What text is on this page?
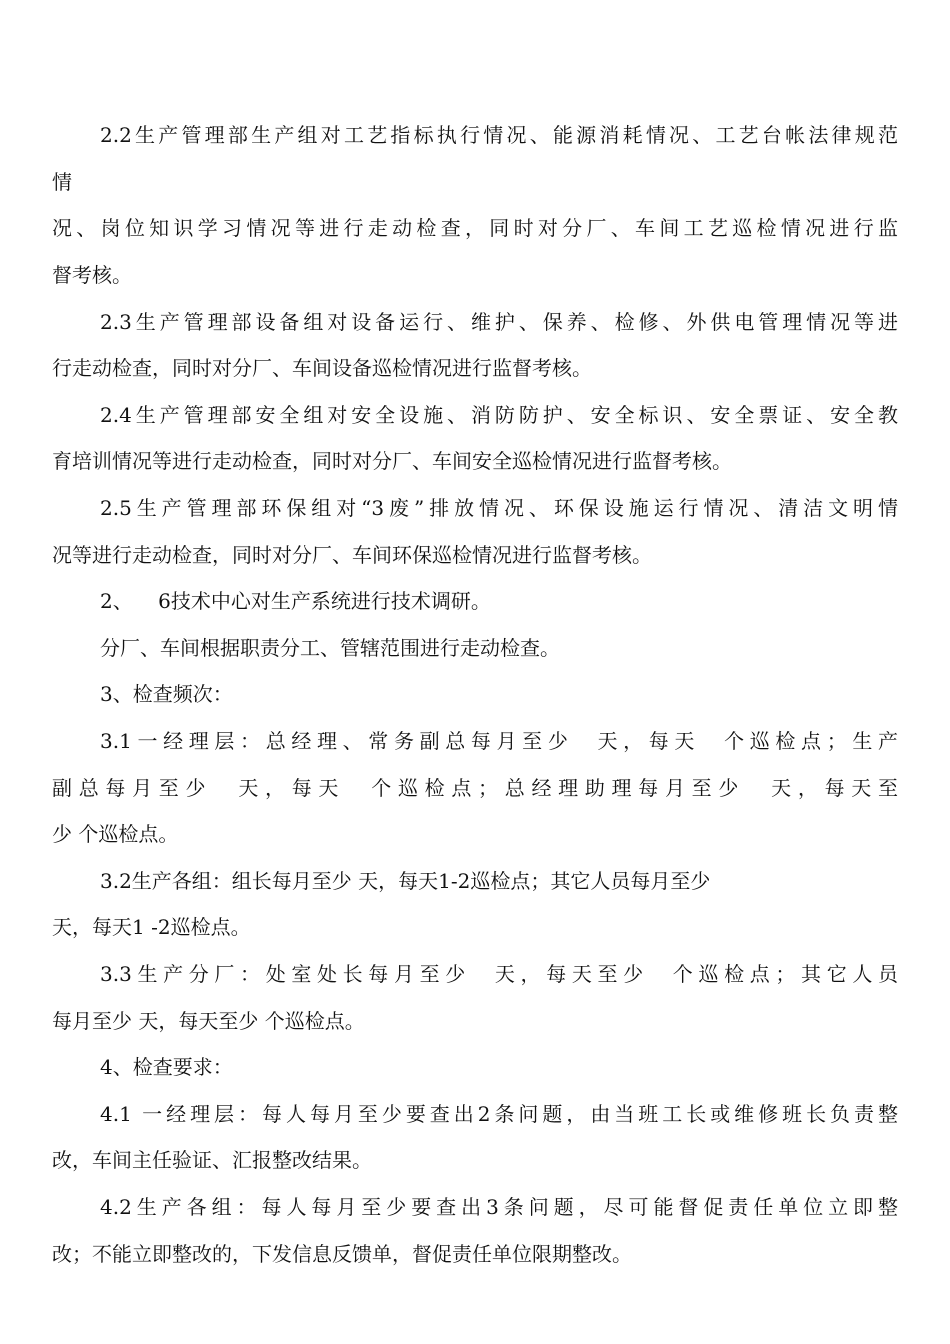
2.2生产管理部生产组对工艺指标执行情况、能源消耗情况、工艺台帐法律规范
情
况、岗位知识学习情况等进行走动检查，同时对分厂、车间工艺巡检情况进行监
督考核。
2.3生产管理部设备组对设备运行、维护、保养、检修、外供电管理情况等进
行走动检查，同时对分厂、车间设备巡检情况进行监督考核。
2.4生产管理部安全组对安全设施、消防防护、安全标识、安全票证、安全教
育培训情况等进行走动检查，同时对分厂、车间安全巡检情况进行监督考核。
2.5生产管理部环保组对“3废”排放情况、环保设施运行情况、清洁文明情
况等进行走动检查，同时对分厂、车间环保巡检情况进行监督考核。
2、    6技术中心对生产系统进行技术调研。
分厂、车间根据职责分工、管辖范围进行走动检查。
3、检查频次：
3.1一经理层：总经理、常务副总每月至少  天，每天  个巡检点；生产
副总每月至少  天，每天  个巡检点；总经理助理每月至少  天，每天至
少 个巡检点。
3.2生产各组：组长每月至少 天，每天1-2巡检点；其它人员每月至少
天，每天1 -2巡检点。
3.3生产分厂：处室处长每月至少  天，每天至少  个巡检点；其它人员
每月至少 天，每天至少 个巡检点。
4、检查要求：
4.1 一经理层：每人每月至少要查出2条问题，由当班工长或维修班长负责整
改，车间主任验证、汇报整改结果。
4.2生产各组：每人每月至少要查出3条问题，尽可能督促责任单位立即整
改；不能立即整改的，下发信息反馈单，督促责任单位限期整改。
